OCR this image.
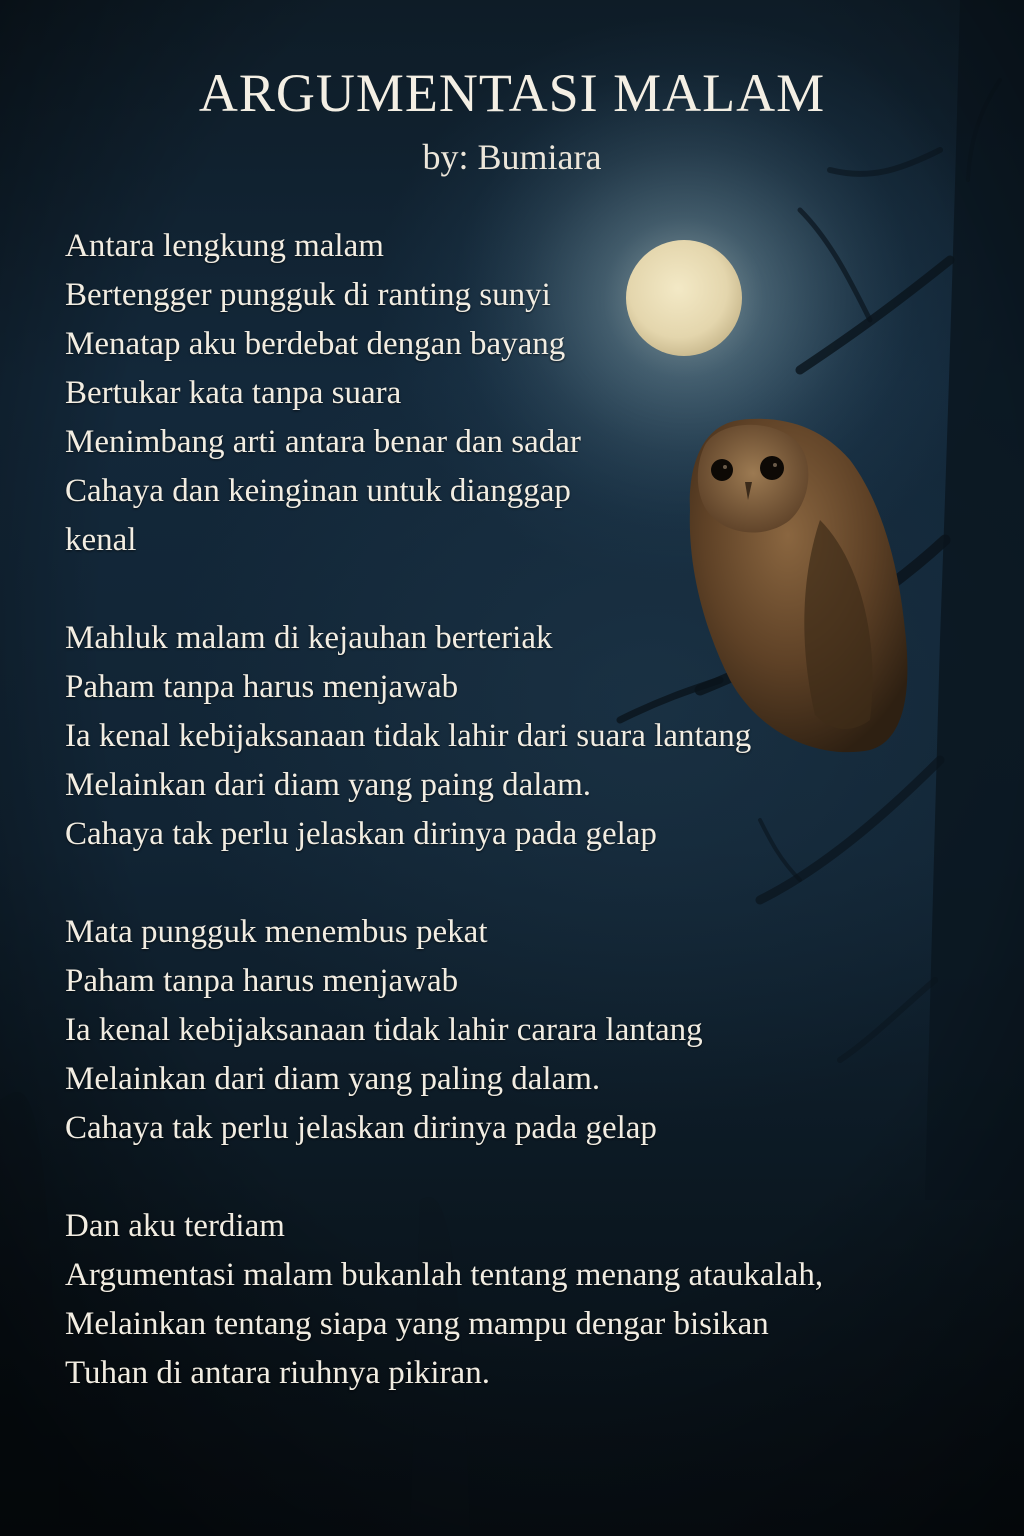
ARGUMENTASI MALAM
by: Bumiara
Antara lengkung malam
Bertengger pungguk di ranting sunyi
Menatap aku berdebat dengan bayang
Bertukar kata tanpa suara
Menimbang arti antara benar dan sadar
Cahaya dan keinginan untuk dianggap
kenal
Mahluk malam di kejauhan berteriak
Paham tanpa harus menjawab
Ia kenal kebijaksanaan tidak lahir dari suara lantang
Melainkan dari diam yang paing dalam.
Cahaya tak perlu jelaskan dirinya pada gelap
Mata pungguk menembus pekat
Paham tanpa harus menjawab
Ia kenal kebijaksanaan tidak lahir carara lantang
Melainkan dari diam yang paling dalam.
Cahaya tak perlu jelaskan dirinya pada gelap
Dan aku terdiam
Argumentasi malam bukanlah tentang menang ataukalah,
Melainkan tentang siapa yang mampu dengar bisikan
Tuhan di antara riuhnya pikiran.
